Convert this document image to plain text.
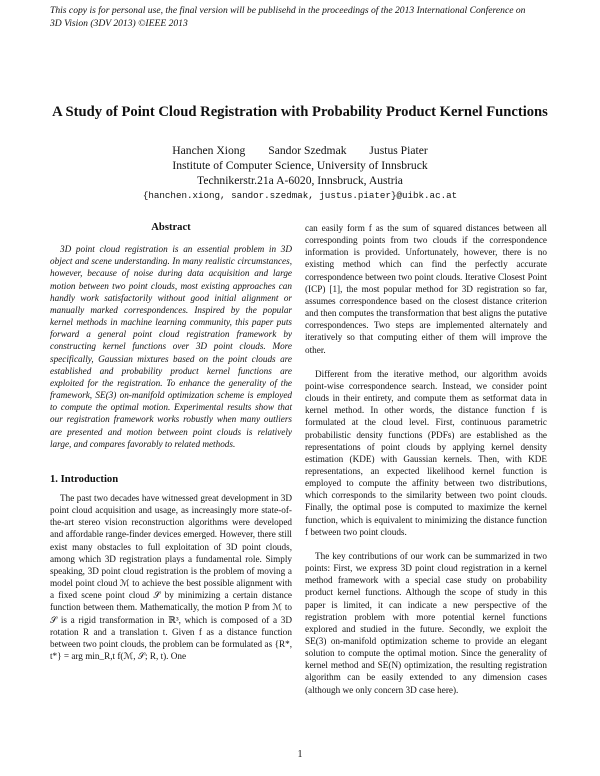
This copy is for personal use, the final version will be publisehd in the proceedings of the 2013 International Conference on
3D Vision (3DV 2013) ©IEEE 2013
A Study of Point Cloud Registration with Probability Product Kernel Functions
Hanchen Xiong Sandor Szedmak Justus Piater
Institute of Computer Science, University of Innsbruck
Technikerstr.21a A-6020, Innsbruck, Austria
{hanchen.xiong, sandor.szedmak, justus.piater}@uibk.ac.at
Abstract

3D point cloud registration is an essential problem in 3D object and scene understanding. In many realistic circumstances, however, because of noise during data acquisition and large motion between two point clouds, most existing approaches can handly work satisfactorily without good initial alignment or manually marked correspondences. Inspired by the popular kernel methods in machine learning community, this paper puts forward a general point cloud registration framework by constructing kernel functions over 3D point clouds. More specifically, Gaussian mixtures based on the point clouds are established and probability product kernel functions are exploited for the registration. To enhance the generality of the framework, SE(3) on-manifold optimization scheme is employed to compute the optimal motion. Experimental results show that our registration framework works robustly when many outliers are presented and motion between point clouds is relatively large, and compares favorably to related methods.

1. Introduction

The past two decades have witnessed great development in 3D point cloud acquisition and usage, as increasingly more state-of-the-art stereo vision reconstruction algorithms were developed and affordable range-finder devices emerged. However, there still exist many obstacles to full exploitation of 3D point clouds, among which 3D registration plays a fundamental role. Simply speaking, 3D point cloud registration is the problem of moving a model point cloud ℳ to achieve the best possible alignment with a fixed scene point cloud 𝒮 by minimizing a certain distance function between them. Mathematically, the motion P from ℳ to 𝒮 is a rigid transformation in ℝ³, which is composed of a 3D rotation R and a translation t. Given f as a distance function between two point clouds, the problem can be formulated as {R*, t*} = arg min_R,t f(ℳ, 𝒮; R, t). One

can easily form f as the sum of squared distances between all corresponding points from two clouds if the correspondence information is provided. Unfortunately, however, there is no existing method which can find the perfectly accurate correspondence between two point clouds. Iterative Closest Point (ICP) [1], the most popular method for 3D registration so far, assumes correspondence based on the closest distance criterion and then computes the transformation that best aligns the putative correspondences. Two steps are implemented alternately and iteratively so that computing either of them will improve the other.

Different from the iterative method, our algorithm avoids point-wise correspondence search. Instead, we consider point clouds in their entirety, and compute them as setformat data in kernel method. In other words, the distance function f is formulated at the cloud level. First, continuous parametric probabilistic density functions (PDFs) are established as the representations of point clouds by applying kernel density estimation (KDE) with Gaussian kernels. Then, with KDE representations, an expected likelihood kernel function is employed to compute the affinity between two distributions, which corresponds to the similarity between two point clouds. Finally, the optimal pose is computed to maximize the kernel function, which is equivalent to minimizing the distance function f between two point clouds.

The key contributions of our work can be summarized in two points: First, we express 3D point cloud registration in a kernel method framework with a special case study on probability product kernel functions. Although the scope of study in this paper is limited, it can indicate a new perspective of the registration problem with more potential kernel functions explored and studied in the future. Secondly, we exploit the SE(3) on-manifold optimization scheme to provide an elegant solution to compute the optimal motion. Since the generality of kernel method and SE(N) optimization, the resulting registration algorithm can be easily extended to any dimension cases (although we only concern 3D case here).

1
